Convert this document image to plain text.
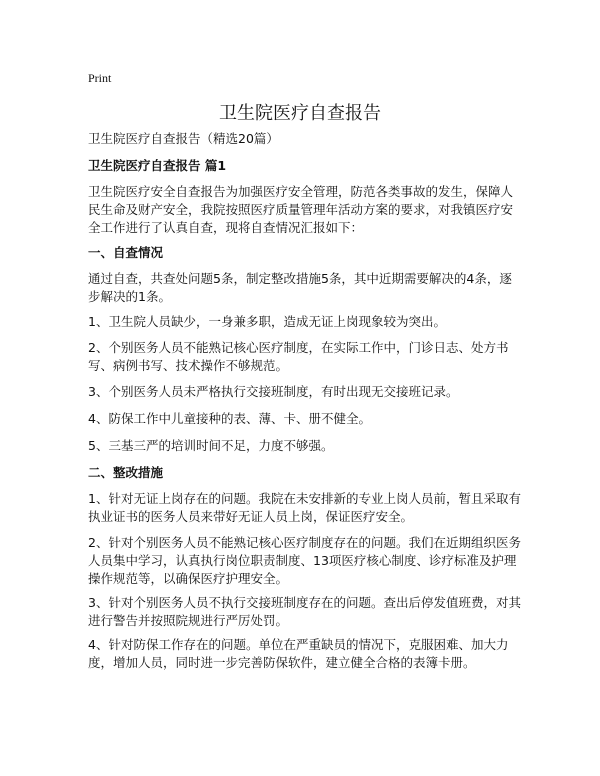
Print
卫生院医疗自查报告
卫生院医疗自查报告（精选20篇）
卫生院医疗自查报告 篇1
卫生院医疗安全自查报告为加强医疗安全管理，防范各类事故的发生，保障人民生命及财产安全，我院按照医疗质量管理年活动方案的要求，对我镇医疗安全工作进行了认真自查，现将自查情况汇报如下：
一、自查情况
通过自查，共查处问题5条，制定整改措施5条，其中近期需要解决的4条，逐步解决的1条。
1、卫生院人员缺少，一身兼多职，造成无证上岗现象较为突出。
2、个别医务人员不能熟记核心医疗制度，在实际工作中，门诊日志、处方书写、病例书写、技术操作不够规范。
3、个别医务人员未严格执行交接班制度，有时出现无交接班记录。
4、防保工作中儿童接种的表、薄、卡、册不健全。
5、三基三严的培训时间不足，力度不够强。
二、整改措施
1、针对无证上岗存在的问题。我院在未安排新的专业上岗人员前，暂且采取有执业证书的医务人员来带好无证人员上岗，保证医疗安全。
2、针对个别医务人员不能熟记核心医疗制度存在的问题。我们在近期组织医务人员集中学习，认真执行岗位职责制度、13项医疗核心制度、诊疗标准及护理操作规范等，以确保医疗护理安全。
3、针对个别医务人员不执行交接班制度存在的问题。查出后停发值班费，对其进行警告并按照院规进行严厉处罚。
4、针对防保工作存在的问题。单位在严重缺员的情况下，克服困难、加大力度，增加人员，同时进一步完善防保软件，建立健全合格的表簿卡册。
